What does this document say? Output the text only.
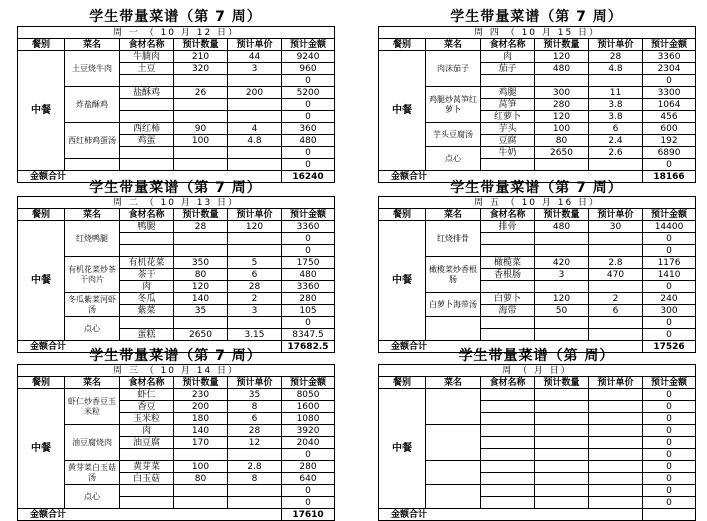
学生带量菜谱（第 7 周）
周 一 （ 10 月 12 日）					
餐别	菜名	食材名称	预计数量	预计单价	预计金额
中餐	土豆烧牛肉	牛腩肉	210	44	9240
		土豆	320	3	960
					0
	炸盐酥鸡	盐酥鸡	26	200	5200
					0
					0
	西红柿鸡蛋汤	西红柿	90	4	360
		鸡蛋	100	4.8	480
					0
					0
金额合计					16240
学生带量菜谱（第 7 周）
周 四 （ 10 月 15 日）					
餐别	菜名	食材名称	预计数量	预计单价	预计金额
中餐	肉沫茄子	肉	120	28	3360
		茄子	480	4.8	2304
					0
	鸡腿炒莴笋红萝卜	鸡腿	300	11	3300
		莴笋	280	3.8	1064
		红萝卜	120	3.8	456
	芋头豆腐汤	芋头	100	6	600
		豆腐	80	2.4	192
	点心	牛奶	2650	2.6	6890
					0
金额合计					18166
学生带量菜谱（第 7 周）
周 二 （ 10 月 13 日）					
餐别	菜名	食材名称	预计数量	预计单价	预计金额
中餐	红烧鸭腿	鸭腿	28	120	3360
					0
					0
	有机花菜炒茶干肉片	有机花菜	350	5	1750
		茶干	80	6	480
		肉	120	28	3360
	冬瓜紫菜河虾汤	冬瓜	140	2	280
		紫菜	35	3	105
	点心				0
		蛋糕	2650	3.15	8347.5
金额合计					17682.5
学生带量菜谱（第 7 周）
周 五 （ 10 月 16 日）					
餐别	菜名	食材名称	预计数量	预计单价	预计金额
中餐	红烧排骨	排骨	480	30	14400
					0
					0
	橄榄菜炒香根肠	橄榄菜	420	2.8	1176
		香根肠	3	470	1410
					0
	白萝卜海带汤	白萝卜	120	2	240
		海带	50	6	300
					0
					0
金额合计					17526
学生带量菜谱（第 7 周）
周 三 （ 10 月 14 日）					
餐别	菜名	食材名称	预计数量	预计单价	预计金额
中餐	虾仁炒香豆玉米粒	虾仁	230	35	8050
		香豆	200	8	1600
		玉米粒	180	6	1080
	油豆腐烧肉	肉	140	28	3920
		油豆腐	170	12	2040
					0
	黄芽菜白玉菇汤	黄芽菜	100	2.8	280
		白玉菇	80	8	640
	点心				0
					0
金额合计					17610
学生带量菜谱（第 周）
周 （ 月 日）					
餐别	菜名	食材名称	预计数量	预计单价	预计金额
中餐					0
					0
					0
					0
					0
					0
					0
					0
					0
					0
金额合计					
